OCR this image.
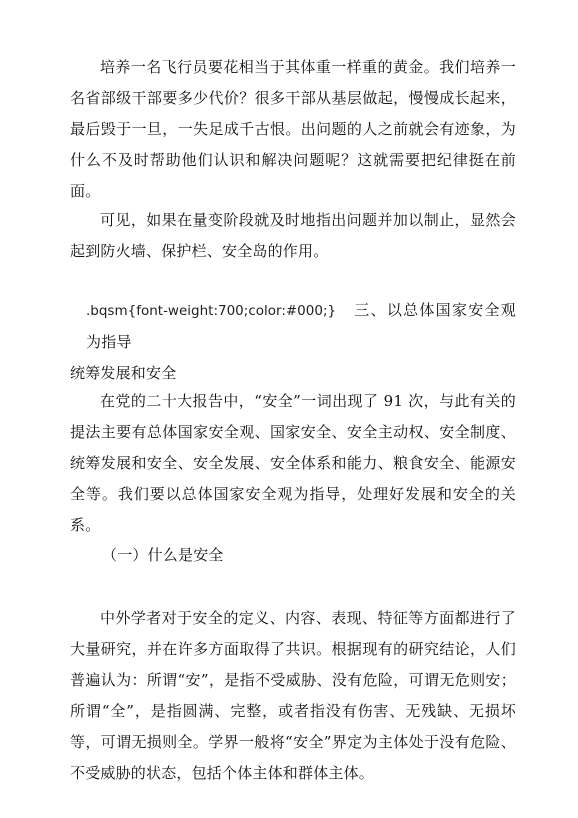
培养一名飞行员要花相当于其体重一样重的黄金。我们培养一名省部级干部要多少代价？很多干部从基层做起，慢慢成长起来，最后毁于一旦，一失足成千古恨。出问题的人之前就会有迹象，为什么不及时帮助他们认识和解决问题呢？这就需要把纪律挺在前面。

可见，如果在量变阶段就及时地指出问题并加以制止，显然会起到防火墙、保护栏、安全岛的作用。

.bqsm{font-weight:700;color:#000;} 三、以总体国家安全观为指导
统筹发展和安全

在党的二十大报告中，“安全”一词出现了 91 次，与此有关的提法主要有总体国家安全观、国家安全、安全主动权、安全制度、统筹发展和安全、安全发展、安全体系和能力、粮食安全、能源安全等。我们要以总体国家安全观为指导，处理好发展和安全的关系。

（一）什么是安全

中外学者对于安全的定义、内容、表现、特征等方面都进行了大量研究，并在许多方面取得了共识。根据现有的研究结论，人们普遍认为：所谓“安”，是指不受威胁、没有危险，可谓无危则安；所谓“全”，是指圆满、完整，或者指没有伤害、无残缺、无损坏等，可谓无损则全。学界一般将“安全”界定为主体处于没有危险、不受威胁的状态，包括个体主体和群体主体。
